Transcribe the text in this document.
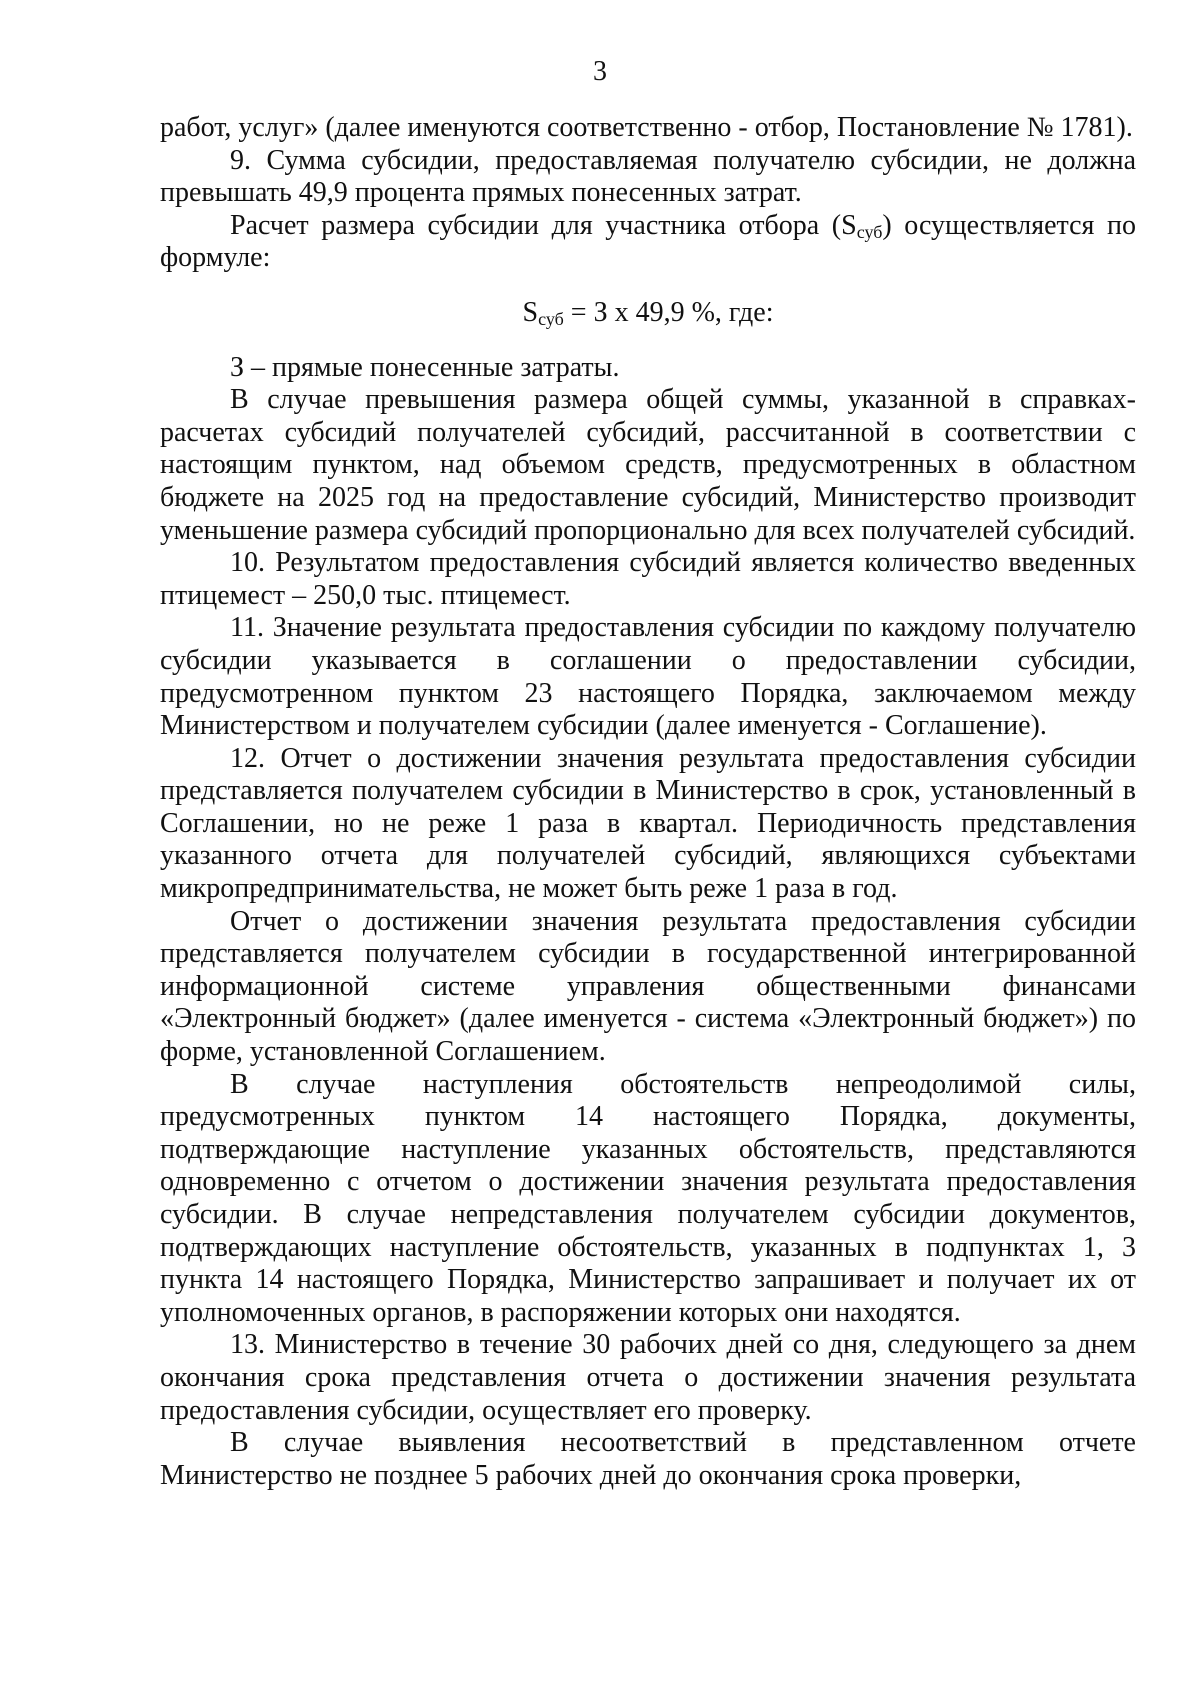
3

работ, услуг» (далее именуются соответственно - отбор, Постановление № 1781).

9. Сумма субсидии, предоставляемая получателю субсидии, не должна превышать 49,9 процента прямых понесенных затрат.

Расчет размера субсидии для участника отбора (Sсуб) осуществляется по формуле:

$S_{суб} = З$ х 49,9 %, где:

З – прямые понесенные затраты.

В случае превышения размера общей суммы, указанной в справках-расчетах субсидий получателей субсидий, рассчитанной в соответствии с настоящим пунктом, над объемом средств, предусмотренных в областном бюджете на 2025 год на предоставление субсидий, Министерство производит уменьшение размера субсидий пропорционально для всех получателей субсидий.

10. Результатом предоставления субсидий является количество введенных птицемест – 250,0 тыс. птицемест.

11. Значение результата предоставления субсидии по каждому получателю субсидии указывается в соглашении о предоставлении субсидии, предусмотренном пунктом 23 настоящего Порядка, заключаемом между Министерством и получателем субсидии (далее именуется - Соглашение).

12. Отчет о достижении значения результата предоставления субсидии представляется получателем субсидии в Министерство в срок, установленный в Соглашении, но не реже 1 раза в квартал. Периодичность представления указанного отчета для получателей субсидий, являющихся субъектами микропредпринимательства, не может быть реже 1 раза в год.

Отчет о достижении значения результата предоставления субсидии представляется получателем субсидии в государственной интегрированной информационной системе управления общественными финансами «Электронный бюджет» (далее именуется - система «Электронный бюджет») по форме, установленной Соглашением.

В случае наступления обстоятельств непреодолимой силы, предусмотренных пунктом 14 настоящего Порядка, документы, подтверждающие наступление указанных обстоятельств, представляются одновременно с отчетом о достижении значения результата предоставления субсидии. В случае непредставления получателем субсидии документов, подтверждающих наступление обстоятельств, указанных в подпунктах 1, 3 пункта 14 настоящего Порядка, Министерство запрашивает и получает их от уполномоченных органов, в распоряжении которых они находятся.

13. Министерство в течение 30 рабочих дней со дня, следующего за днем окончания срока представления отчета о достижении значения результата предоставления субсидии, осуществляет его проверку.

В случае выявления несоответствий в представленном отчете Министерство не позднее 5 рабочих дней до окончания срока проверки,
